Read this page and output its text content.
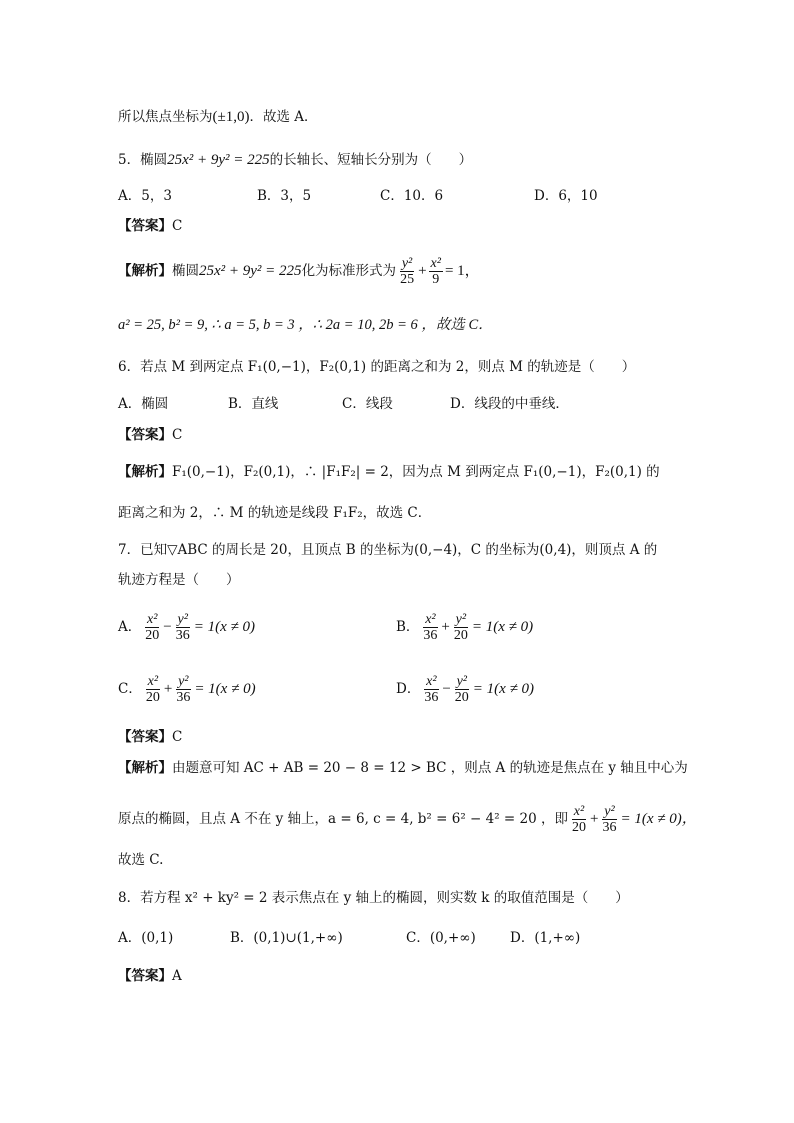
所以焦点坐标为(±1,0)．故选 A．
5．椭圆25x² + 9y² = 225的长轴长、短轴长分别为（　　）
A．5，3	B．3，5	C．10．6	D．6，10
【答案】C
【解析】椭圆25x² + 9y² = 225化为标准形式为 $\frac{\text{y²}}{25} + \frac{\text{x²}}{9} = 1$，
a² = 25, b² = 9, ∴ a = 5, b = 3 ，∴ 2a = 10, 2b = 6 ，故选 C．
6．若点 M 到两定点 F₁(0,−1)，F₂(0,1) 的距离之和为 2，则点 M 的轨迹是（　　）
A．椭圆	B．直线	C．线段	D．线段的中垂线．
【答案】C
【解析】F₁(0,−1)，F₂(0,1)，∴ |F₁F₂| = 2，因为点 M 到两定点 F₁(0,−1)，F₂(0,1) 的
距离之和为 2，∴ M 的轨迹是线段 F₁F₂，故选 C．
7．已知▽ABC 的周长是 20，且顶点 B 的坐标为(0,−4)，C 的坐标为(0,4)，则顶点 A 的
轨迹方程是（　　）
A． $\frac{\text{x²}}{20} - \frac{\text{y²}}{36} = 1(x \ne 0)$	B． $\frac{\text{x²}}{36} + \frac{\text{y²}}{20} = 1(x \ne 0)$
C． $\frac{\text{x²}}{20} + \frac{\text{y²}}{36} = 1(x \ne 0)$	D． $\frac{\text{x²}}{36} - \frac{\text{y²}}{20} = 1(x \ne 0)$
【答案】C
【解析】由题意可知 AC + AB = 20 − 8 = 12 > BC ，则点 A 的轨迹是焦点在 y 轴且中心为
原点的椭圆，且点 A 不在 y 轴上，a = 6, c = 4, b² = 6² − 4² = 20 ，即 $\frac{\text{x²}}{20} + \frac{\text{y²}}{36} = 1(x \ne 0)$，
故选 C.
8．若方程 x² + ky² = 2 表示焦点在 y 轴上的椭圆，则实数 k 的取值范围是（　　）
A．(0,1)	B．(0,1)∪(1,+∞)	C．(0,+∞)	D．(1,+∞)
【答案】A
